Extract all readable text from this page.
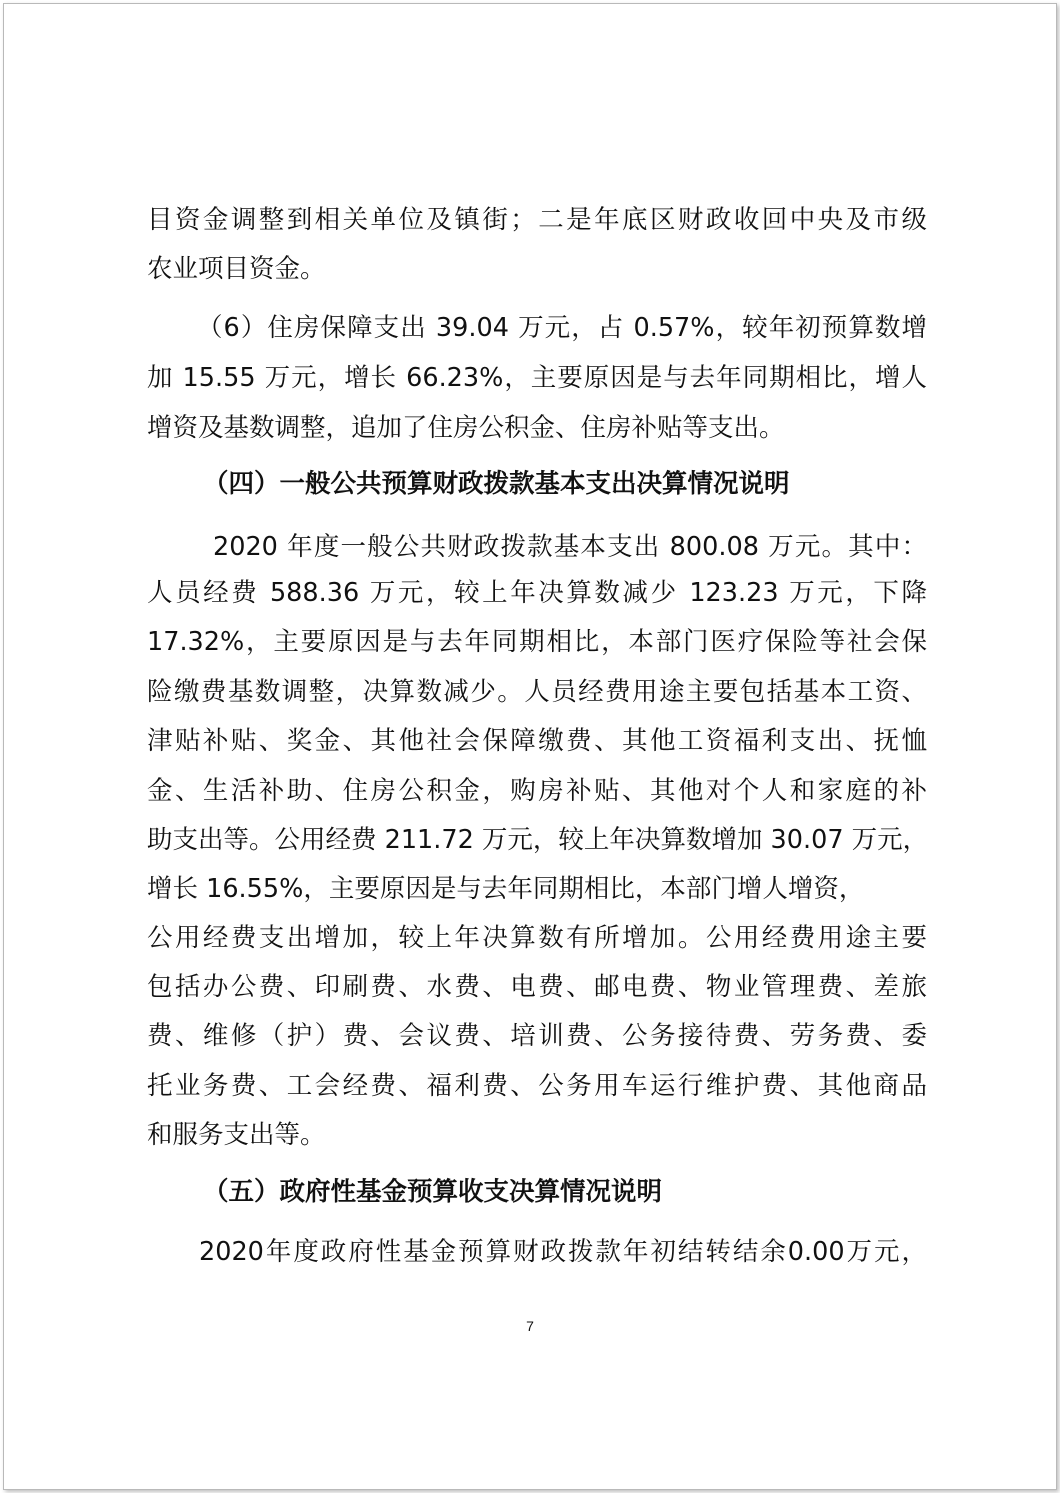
目资金调整到相关单位及镇街；二是年底区财政收回中央及市级
农业项目资金。
（6）住房保障支出 39.04 万元，占 0.57%，较年初预算数增
加 15.55 万元，增长 66.23%，主要原因是与去年同期相比，增人
增资及基数调整，追加了住房公积金、住房补贴等支出。
（四）一般公共预算财政拨款基本支出决算情况说明
2020 年度一般公共财政拨款基本支出 800.08 万元。其中：
人员经费 588.36 万元，较上年决算数减少 123.23 万元，下降
17.32%，主要原因是与去年同期相比，本部门医疗保险等社会保
险缴费基数调整，决算数减少。人员经费用途主要包括基本工资、
津贴补贴、奖金、其他社会保障缴费、其他工资福利支出、抚恤
金、生活补助、住房公积金，购房补贴、其他对个人和家庭的补
助支出等。公用经费 211.72 万元，较上年决算数增加 30.07 万元，
增长 16.55%，主要原因是与去年同期相比，本部门增人增资，
公用经费支出增加，较上年决算数有所增加。公用经费用途主要
包括办公费、印刷费、水费、电费、邮电费、物业管理费、差旅
费、维修（护）费、会议费、培训费、公务接待费、劳务费、委
托业务费、工会经费、福利费、公务用车运行维护费、其他商品
和服务支出等。
（五）政府性基金预算收支决算情况说明
2020年度政府性基金预算财政拨款年初结转结余0.00万元，
7
